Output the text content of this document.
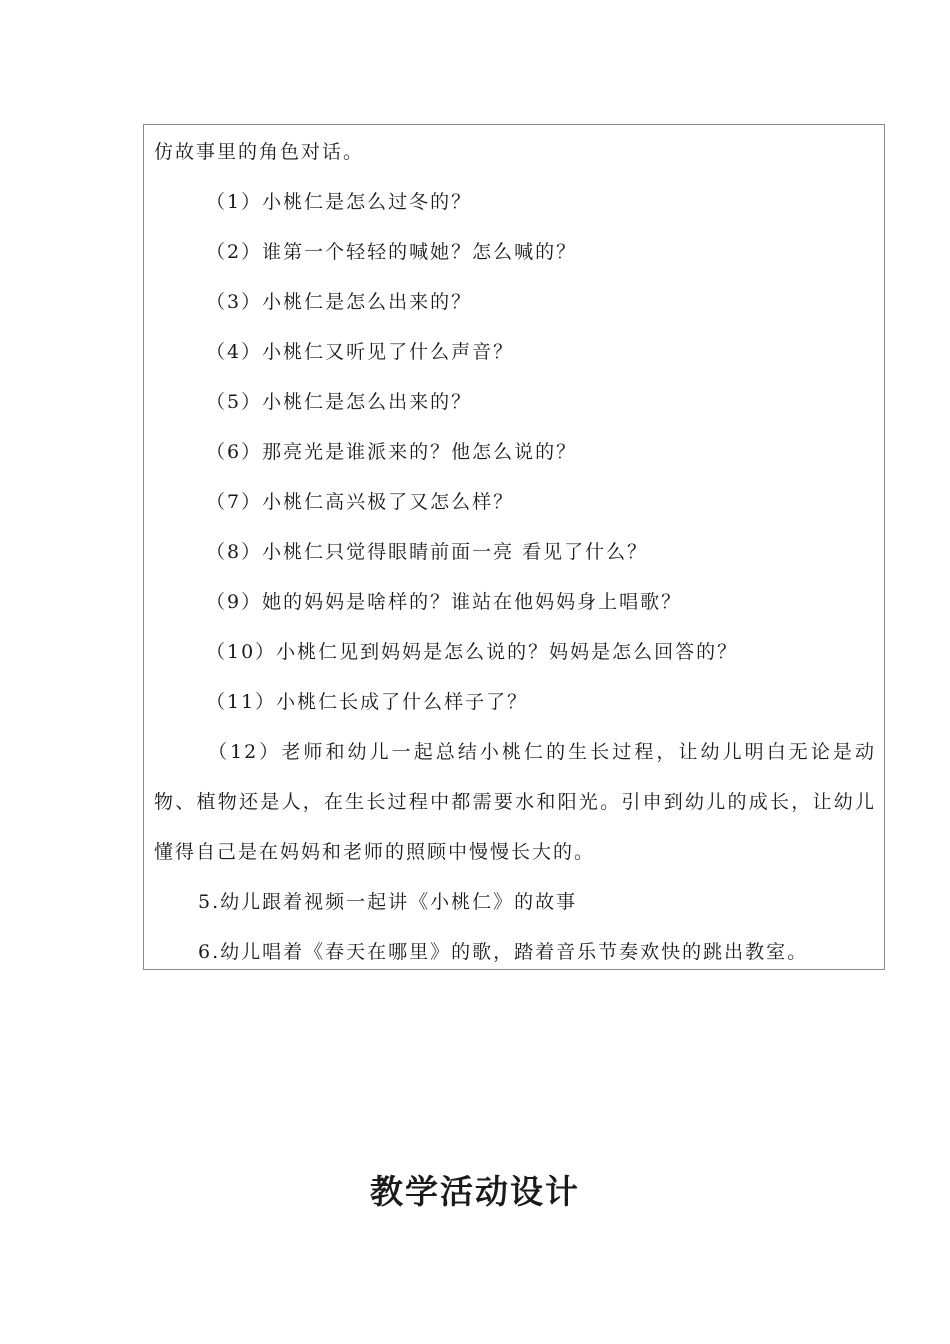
仿故事里的角色对话。
（1）小桃仁是怎么过冬的？
（2）谁第一个轻轻的喊她？怎么喊的？
（3）小桃仁是怎么出来的？
（4）小桃仁又听见了什么声音？
（5）小桃仁是怎么出来的？
（6）那亮光是谁派来的？他怎么说的？
（7）小桃仁高兴极了又怎么样？
（8）小桃仁只觉得眼睛前面一亮 看见了什么？
（9）她的妈妈是啥样的？谁站在他妈妈身上唱歌？
（10）小桃仁见到妈妈是怎么说的？妈妈是怎么回答的？
（11）小桃仁长成了什么样子了？
（12）老师和幼儿一起总结小桃仁的生长过程，让幼儿明白无论是动物、植物还是人，在生长过程中都需要水和阳光。引申到幼儿的成长，让幼儿懂得自己是在妈妈和老师的照顾中慢慢长大的。
5.幼儿跟着视频一起讲《小桃仁》的故事
6.幼儿唱着《春天在哪里》的歌，踏着音乐节奏欢快的跳出教室。
教学活动设计
